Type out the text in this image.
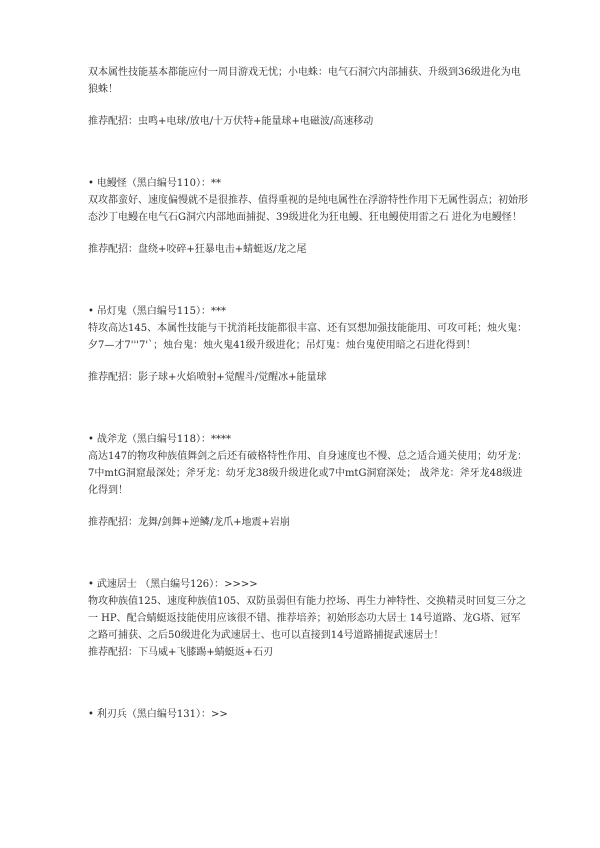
双本属性技能基本都能应付一周目游戏无忧；小电蛛：电气石洞穴内部捕获、升级到36级进化为电狼蛛！

推荐配招：虫鸣+电球/放电/十万伏特+能量球+电磁波/高速移动

• 电鳗怪（黑白编号110）：**

双攻都蛮好、速度偏慢就不是很推荐、值得重视的是纯电属性在浮游特性作用下无属性弱点；初始形态沙丁电鳗在电气石G洞穴内部地面捕捉、39级进化为狂电鳗、狂电鳗使用雷之石 进化为电鳗怪！

推荐配招：盘绕+咬碎+狂暴电击+蜻蜓返/龙之尾

• 吊灯鬼（黑白编号115）：***

特攻高达145、本属性技能与干扰消耗技能都很丰富、还有冥想加强技能能用、可攻可耗；烛火鬼：夕7—才7'''7'`；烛台鬼：烛火鬼41级升级进化；吊灯鬼：烛台鬼使用暗之石进化得到！

推荐配招：影子球+火焰喷射+觉醒斗/觉醒冰+能量球

• 战斧龙（黑白编号118）：****

高达147的物攻种族值舞剑之后还有破格特性作用、自身速度也不慢、总之适合通关使用；幼牙龙：7中mtG洞窟最深处；斧牙龙：幼牙龙38级升级进化或7中mtG洞窟深处； 战斧龙：斧牙龙48级进化得到！

推荐配招：龙舞/剑舞+逆鳞/龙爪+地震+岩崩

• 武速居士 （黑白编号126）：>>>>

物攻种族值125、速度种族值105、双防虽弱但有能力控场、再生力神特性、交换精灵时回复三分之一 HP、配合蜻蜓返技能使用应该很不错、推荐培养；初始形态功大居士 14号道路、龙G塔、冠军之路可捕获、之后50级进化为武速居士、也可以直接到14号道路捕捉武速居士！

推荐配招：下马威+飞膝踢+蜻蜓返+石刃

• 利刃兵（黑白编号131）：>>
